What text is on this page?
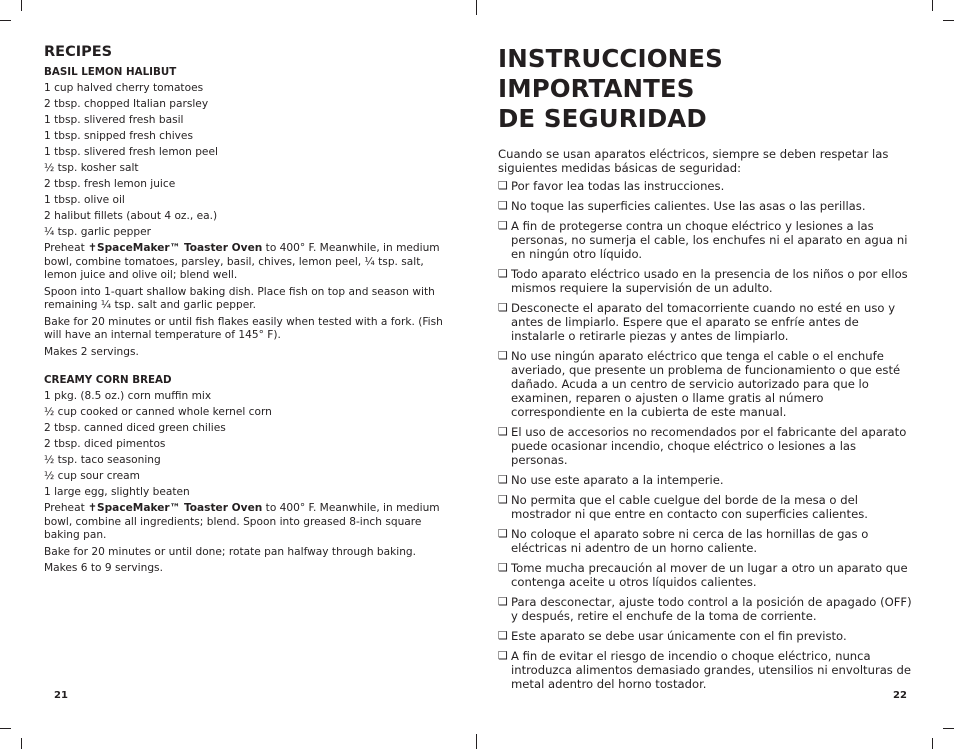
RECIPES
BASIL LEMON HALIBUT
1 cup halved cherry tomatoes
2 tbsp. chopped Italian parsley
1 tbsp. slivered fresh basil
1 tbsp. snipped fresh chives
1 tbsp. slivered fresh lemon peel
½ tsp. kosher salt
2 tbsp. fresh lemon juice
1 tbsp. olive oil
2 halibut fillets (about 4 oz., ea.)
¼ tsp. garlic pepper
Preheat ✝SpaceMaker™ Toaster Oven to 400° F. Meanwhile, in medium bowl, combine tomatoes, parsley, basil, chives, lemon peel, ¼ tsp. salt, lemon juice and olive oil; blend well.
Spoon into 1-quart shallow baking dish. Place fish on top and season with remaining ¼ tsp. salt and garlic pepper.
Bake for 20 minutes or until fish flakes easily when tested with a fork. (Fish will have an internal temperature of 145° F).
Makes 2 servings.
CREAMY CORN BREAD
1 pkg. (8.5 oz.) corn muffin mix
½ cup cooked or canned whole kernel corn
2 tbsp. canned diced green chilies
2 tbsp. diced pimentos
½ tsp. taco seasoning
½ cup sour cream
1 large egg, slightly beaten
Preheat ✝SpaceMaker™ Toaster Oven to 400° F. Meanwhile, in medium bowl, combine all ingredients; blend. Spoon into greased 8-inch square baking pan.
Bake for 20 minutes or until done; rotate pan halfway through baking.
Makes 6 to 9 servings.
21
INSTRUCCIONES IMPORTANTES
DE SEGURIDAD
Cuando se usan aparatos eléctricos, siempre se deben respetar las siguientes medidas básicas de seguridad:
❑ Por favor lea todas las instrucciones.
❑ No toque las superficies calientes. Use las asas o las perillas.
❑ A fin de protegerse contra un choque eléctrico y lesiones a las personas, no sumerja el cable, los enchufes ni el aparato en agua ni en ningún otro líquido.
❑ Todo aparato eléctrico usado en la presencia de los niños o por ellos mismos requiere la supervisión de un adulto.
❑ Desconecte el aparato del tomacorriente cuando no esté en uso y antes de limpiarlo. Espere que el aparato se enfríe antes de instalarle o retirarle piezas y antes de limpiarlo.
❑ No use ningún aparato eléctrico que tenga el cable o el enchufe averiado, que presente un problema de funcionamiento o que esté dañado. Acuda a un centro de servicio autorizado para que lo examinen, reparen o ajusten o llame gratis al número correspondiente en la cubierta de este manual.
❑ El uso de accesorios no recomendados por el fabricante del aparato puede ocasionar incendio, choque eléctrico o lesiones a las personas.
❑ No use este aparato a la intemperie.
❑ No permita que el cable cuelgue del borde de la mesa o del mostrador ni que entre en contacto con superficies calientes.
❑ No coloque el aparato sobre ni cerca de las hornillas de gas o eléctricas ni adentro de un horno caliente.
❑ Tome mucha precaución al mover de un lugar a otro un aparato que contenga aceite u otros líquidos calientes.
❑ Para desconectar, ajuste todo control a la posición de apagado (OFF) y después, retire el enchufe de la toma de corriente.
❑ Este aparato se debe usar únicamente con el fin previsto.
❑ A fin de evitar el riesgo de incendio o choque eléctrico, nunca introduzca alimentos demasiado grandes, utensilios ni envolturas de metal adentro del horno tostador.
22
